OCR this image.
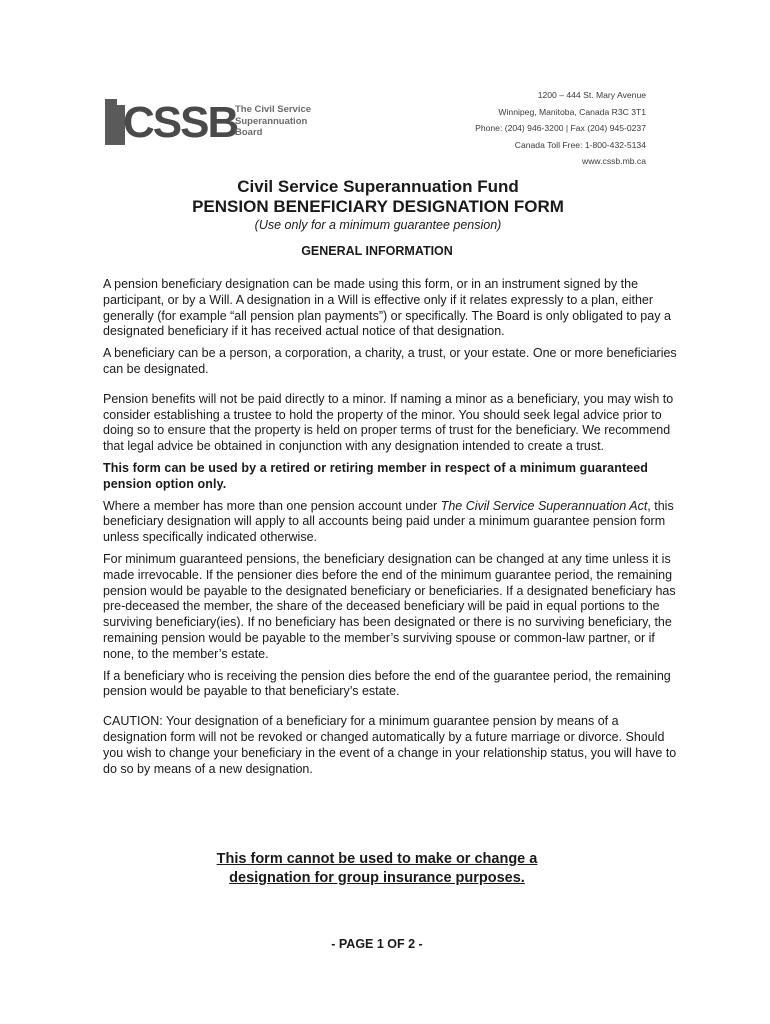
CSSB
The Civil Service
Superannuation
Board
1200 – 444 St. Mary Avenue
Winnipeg, Manitoba, Canada R3C 3T1
Phone: (204) 946-3200 | Fax (204) 945-0237
Canada Toll Free: 1-800-432-5134
www.cssb.mb.ca
Civil Service Superannuation Fund
PENSION BENEFICIARY DESIGNATION FORM
(Use only for a minimum guarantee pension)
GENERAL INFORMATION

A pension beneficiary designation can be made using this form, or in an instrument signed by the participant, or by a Will. A designation in a Will is effective only if it relates expressly to a plan, either generally (for example “all pension plan payments”) or specifically. The Board is only obligated to pay a designated beneficiary if it has received actual notice of that designation.

A beneficiary can be a person, a corporation, a charity, a trust, or your estate. One or more beneficiaries can be designated.

Pension benefits will not be paid directly to a minor. If naming a minor as a beneficiary, you may wish to consider establishing a trustee to hold the property of the minor. You should seek legal advice prior to doing so to ensure that the property is held on proper terms of trust for the beneficiary. We recommend that legal advice be obtained in conjunction with any designation intended to create a trust.

This form can be used by a retired or retiring member in respect of a minimum guaranteed pension option only.

Where a member has more than one pension account under The Civil Service Superannuation Act, this beneficiary designation will apply to all accounts being paid under a minimum guarantee pension form unless specifically indicated otherwise.

For minimum guaranteed pensions, the beneficiary designation can be changed at any time unless it is made irrevocable. If the pensioner dies before the end of the minimum guarantee period, the remaining pension would be payable to the designated beneficiary or beneficiaries. If a designated beneficiary has pre-deceased the member, the share of the deceased beneficiary will be paid in equal portions to the surviving beneficiary(ies). If no beneficiary has been designated or there is no surviving beneficiary, the remaining pension would be payable to the member’s surviving spouse or common-law partner, or if none, to the member’s estate.

If a beneficiary who is receiving the pension dies before the end of the guarantee period, the remaining pension would be payable to that beneficiary’s estate.

CAUTION: Your designation of a beneficiary for a minimum guarantee pension by means of a designation form will not be revoked or changed automatically by a future marriage or divorce. Should you wish to change your beneficiary in the event of a change in your relationship status, you will have to do so by means of a new designation.

This form cannot be used to make or change a
designation for group insurance purposes.
- PAGE 1 OF 2 -
